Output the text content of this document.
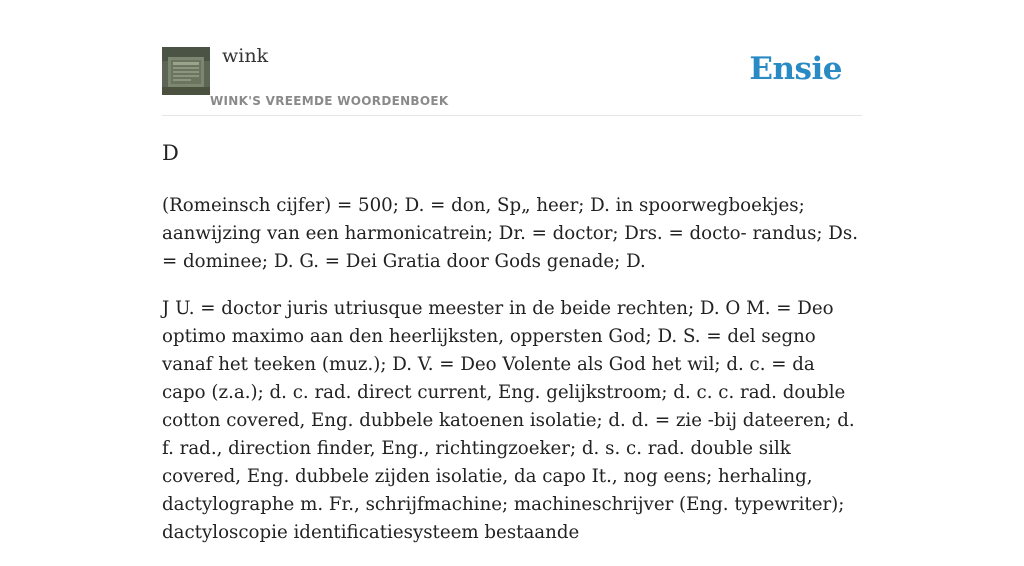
wink
WINK'S VREEMDE WOORDENBOEK
Ensie
D

(Romeinsch cijfer) = 500; D. = don, Sp„ heer; D. in spoorwegboekjes; aanwijzing van een harmonicatrein; Dr. = doctor; Drs. = docto- randus; Ds. = dominee; D. G. = Dei Gratia door Gods genade; D.

J U. = doctor juris utriusque meester in de beide rechten; D. O M. = Deo optimo maximo aan den heerlijksten, oppersten God; D. S. = del segno vanaf het teeken (muz.); D. V. = Deo Volente als God het wil; d. c. = da capo (z.a.); d. c. rad. direct current, Eng. gelijkstroom; d. c. c. rad. double cotton covered, Eng. dubbele katoenen isolatie; d. d. = zie -bij dateeren; d. f. rad., direction finder, Eng., richtingzoeker; d. s. c. rad. double silk covered, Eng. dubbele zijden isolatie, da capo It., nog eens; herhaling, dactylographe m. Fr., schrijfmachine; machineschrijver (Eng. typewriter); dactyloscopie identificatiesysteem bestaande
